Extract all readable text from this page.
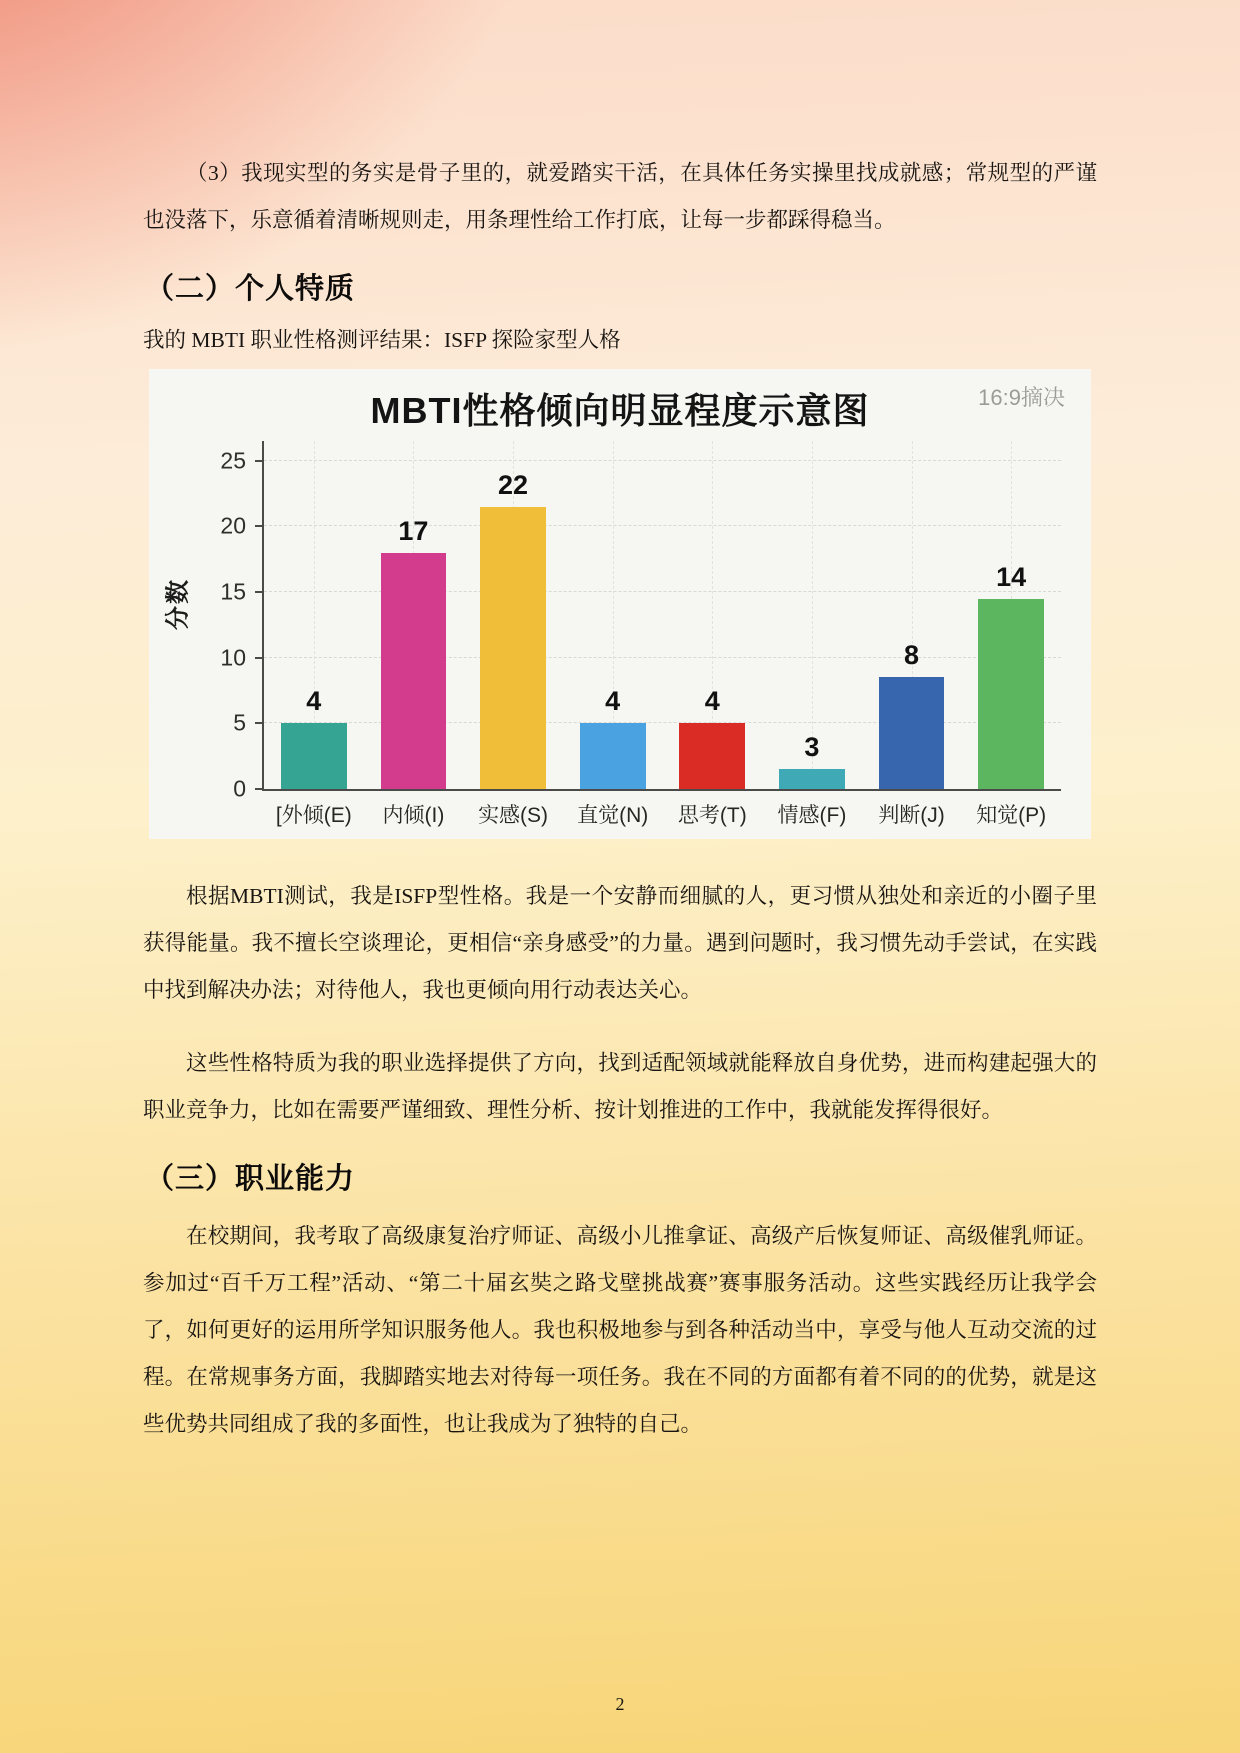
（3）我现实型的务实是骨子里的，就爱踏实干活，在具体任务实操里找成就感；常规型的严谨也没落下，乐意循着清晰规则走，用条理性给工作打底，让每一步都踩得稳当。

（二）个人特质

我的 MBTI 职业性格测评结果：ISFP 探险家型人格

MBTI性格倾向明显程度示意图	16:9摘决
分数
0
5
10
15
20
25
4
[外倾(E)
17
内倾(I)
22
实感(S)
4
直觉(N)
4
思考(T)
3
情感(F)
8
判断(J)
14
知觉(P)

根据MBTI测试，我是ISFP型性格。我是一个安静而细腻的人，更习惯从独处和亲近的小圈子里获得能量。我不擅长空谈理论，更相信“亲身感受”的力量。遇到问题时，我习惯先动手尝试，在实践中找到解决办法；对待他人，我也更倾向用行动表达关心。

这些性格特质为我的职业选择提供了方向，找到适配领域就能释放自身优势，进而构建起强大的职业竞争力，比如在需要严谨细致、理性分析、按计划推进的工作中，我就能发挥得很好。

（三）职业能力

在校期间，我考取了高级康复治疗师证、高级小儿推拿证、高级产后恢复师证、高级催乳师证。参加过“百千万工程”活动、“第二十届玄奘之路戈壁挑战赛”赛事服务活动。这些实践经历让我学会了，如何更好的运用所学知识服务他人。我也积极地参与到各种活动当中，享受与他人互动交流的过程。在常规事务方面，我脚踏实地去对待每一项任务。我在不同的方面都有着不同的的优势，就是这些优势共同组成了我的多面性，也让我成为了独特的自己。

2
